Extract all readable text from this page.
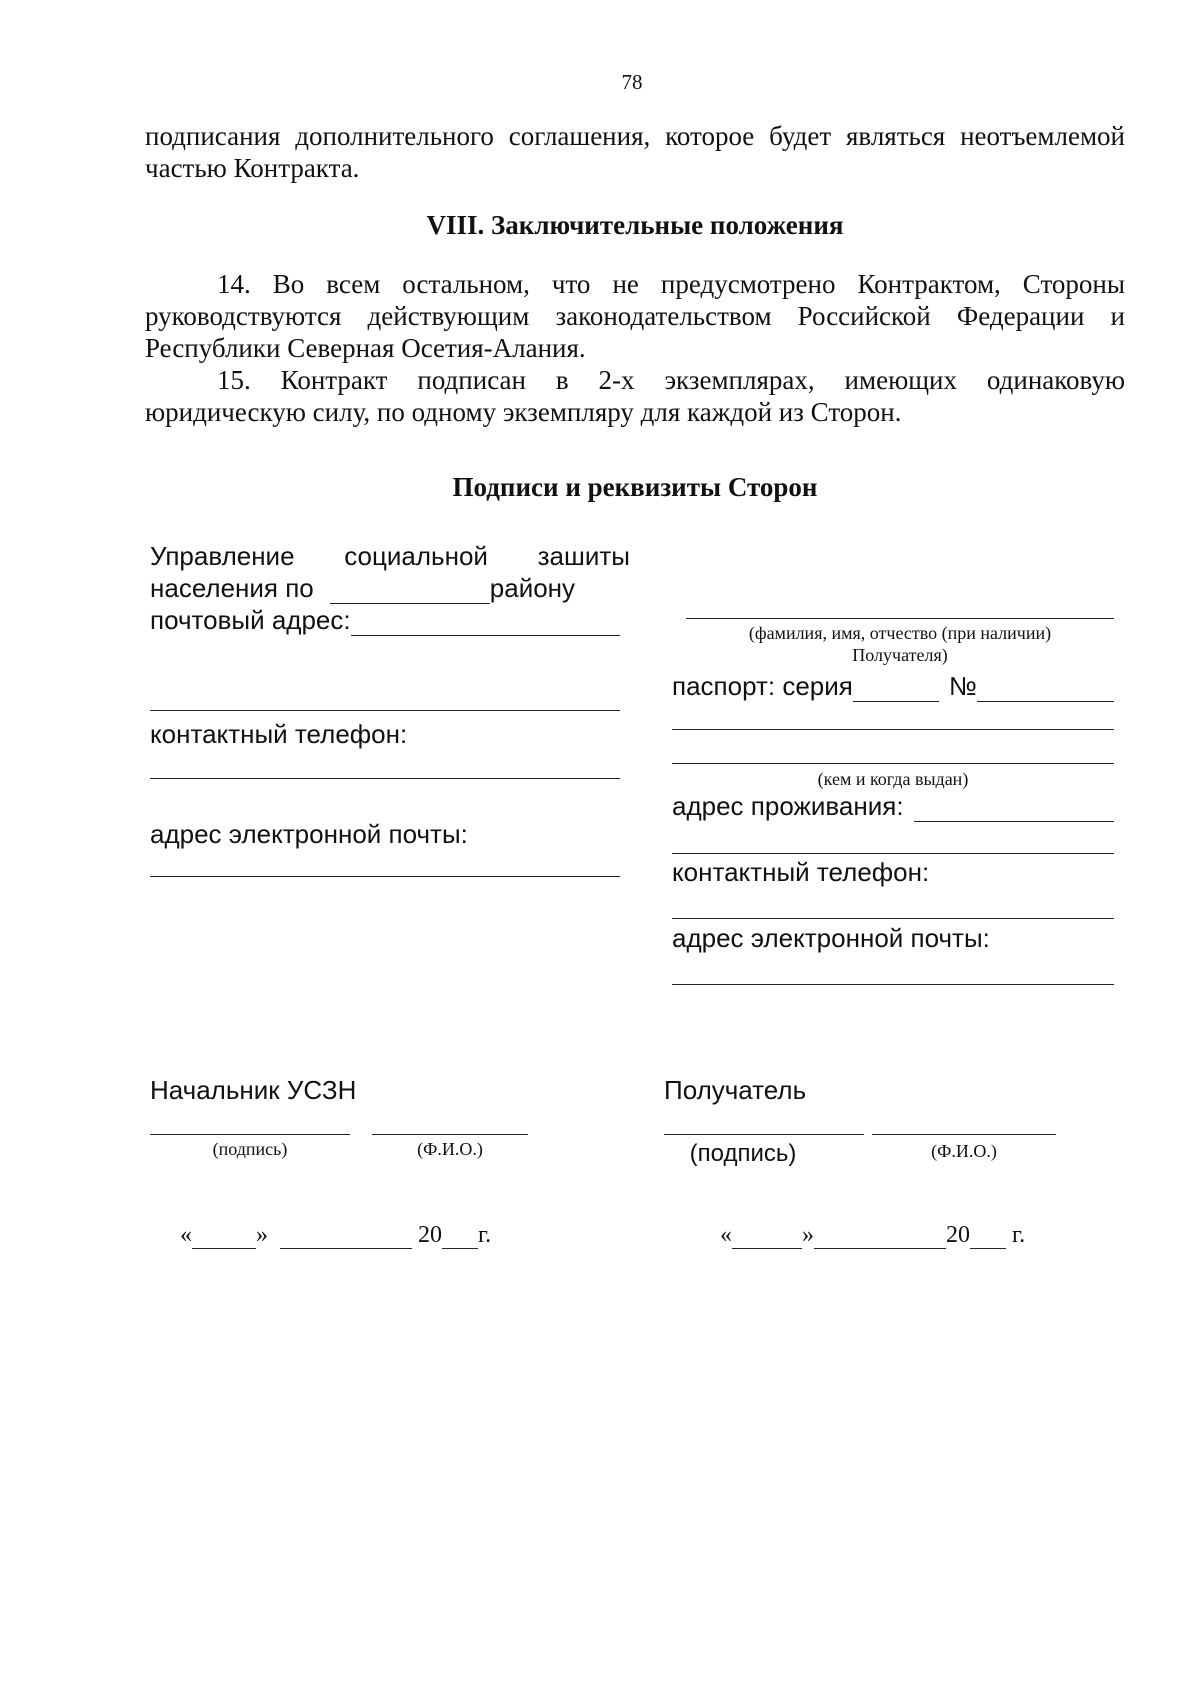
78
подписания дополнительного соглашения, которое будет являться неотъемлемой частью Контракта.
VIII. Заключительные положения
14. Во всем остальном, что не предусмотрено Контрактом, Стороны руководствуются действующим законодательством Российской Федерации и Республики Северная Осетия-Алания.
15. Контракт подписан в 2-х экземплярах, имеющих одинаковую юридическую силу, по одному экземпляру для каждой из Сторон.
Подписи и реквизиты Сторон
Управление социальной зашиты
населения по	району
почтовый адрес:
контактный телефон:
адрес электронной почты:
(фамилия, имя, отчество (при наличии)
Получателя)
паспорт: серия	№
(кем и когда выдан)
адрес проживания:
контактный телефон:
адрес электронной почты:
Начальник УСЗН
(подпись)	(Ф.И.О.)
«	»	20 г.
Получатель
(подпись)	(Ф.И.О.)
«	»	20 г.
